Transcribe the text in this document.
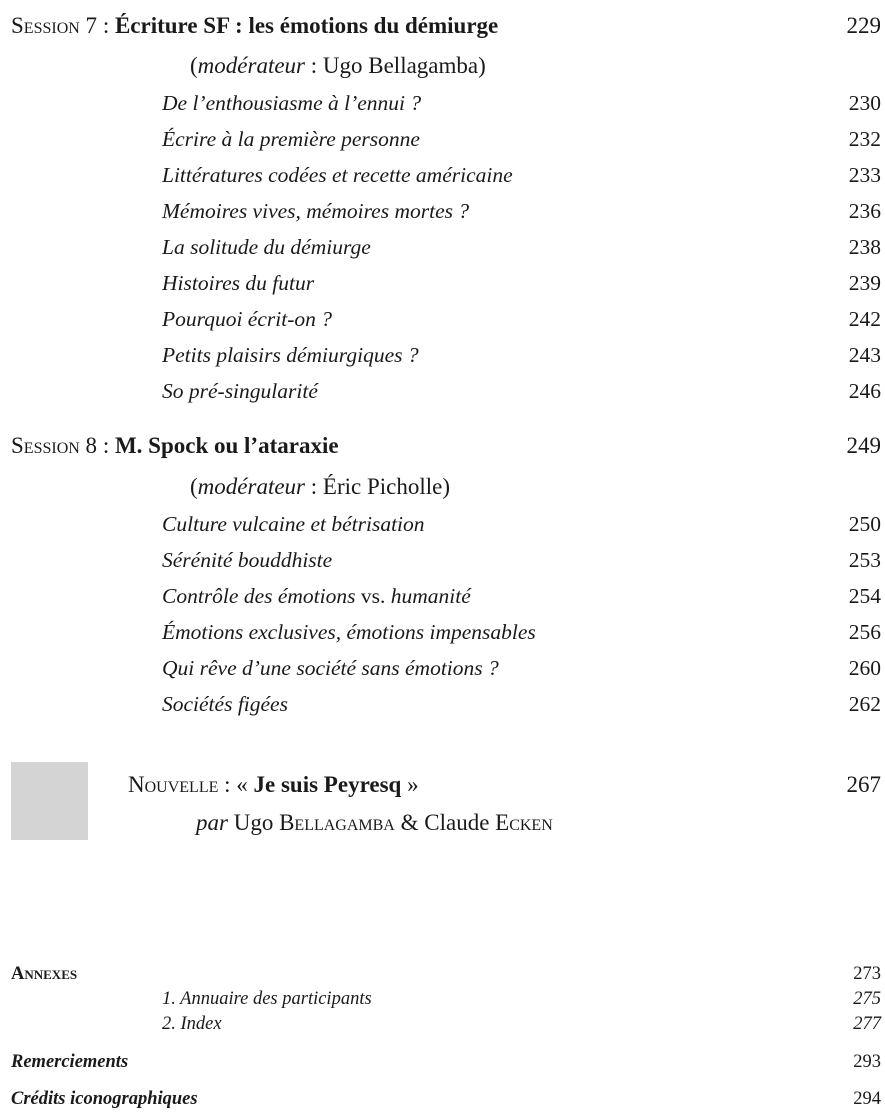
Session 7 : Écriture SF : les émotions du démiurge	229
(modérateur : Ugo Bellagamba)
De l’enthousiasme à l’ennui ?	230
Écrire à la première personne	232
Littératures codées et recette américaine	233
Mémoires vives, mémoires mortes ?	236
La solitude du démiurge	238
Histoires du futur	239
Pourquoi écrit-on ?	242
Petits plaisirs démiurgiques ?	243
So pré-singularité	246
Session 8 : M. Spock ou l’ataraxie	249
(modérateur : Éric Picholle)
Culture vulcaine et bétrisation	250
Sérénité bouddhiste	253
Contrôle des émotions vs. humanité	254
Émotions exclusives, émotions impensables	256
Qui rêve d’une société sans émotions ?	260
Sociétés figées	262
Nouvelle : « Je suis Peyresq »	267
par Ugo Bellagamba & Claude Ecken
Annexes	273
1. Annuaire des participants	275
2. Index	277
Remerciements	293
Crédits iconographiques	294
